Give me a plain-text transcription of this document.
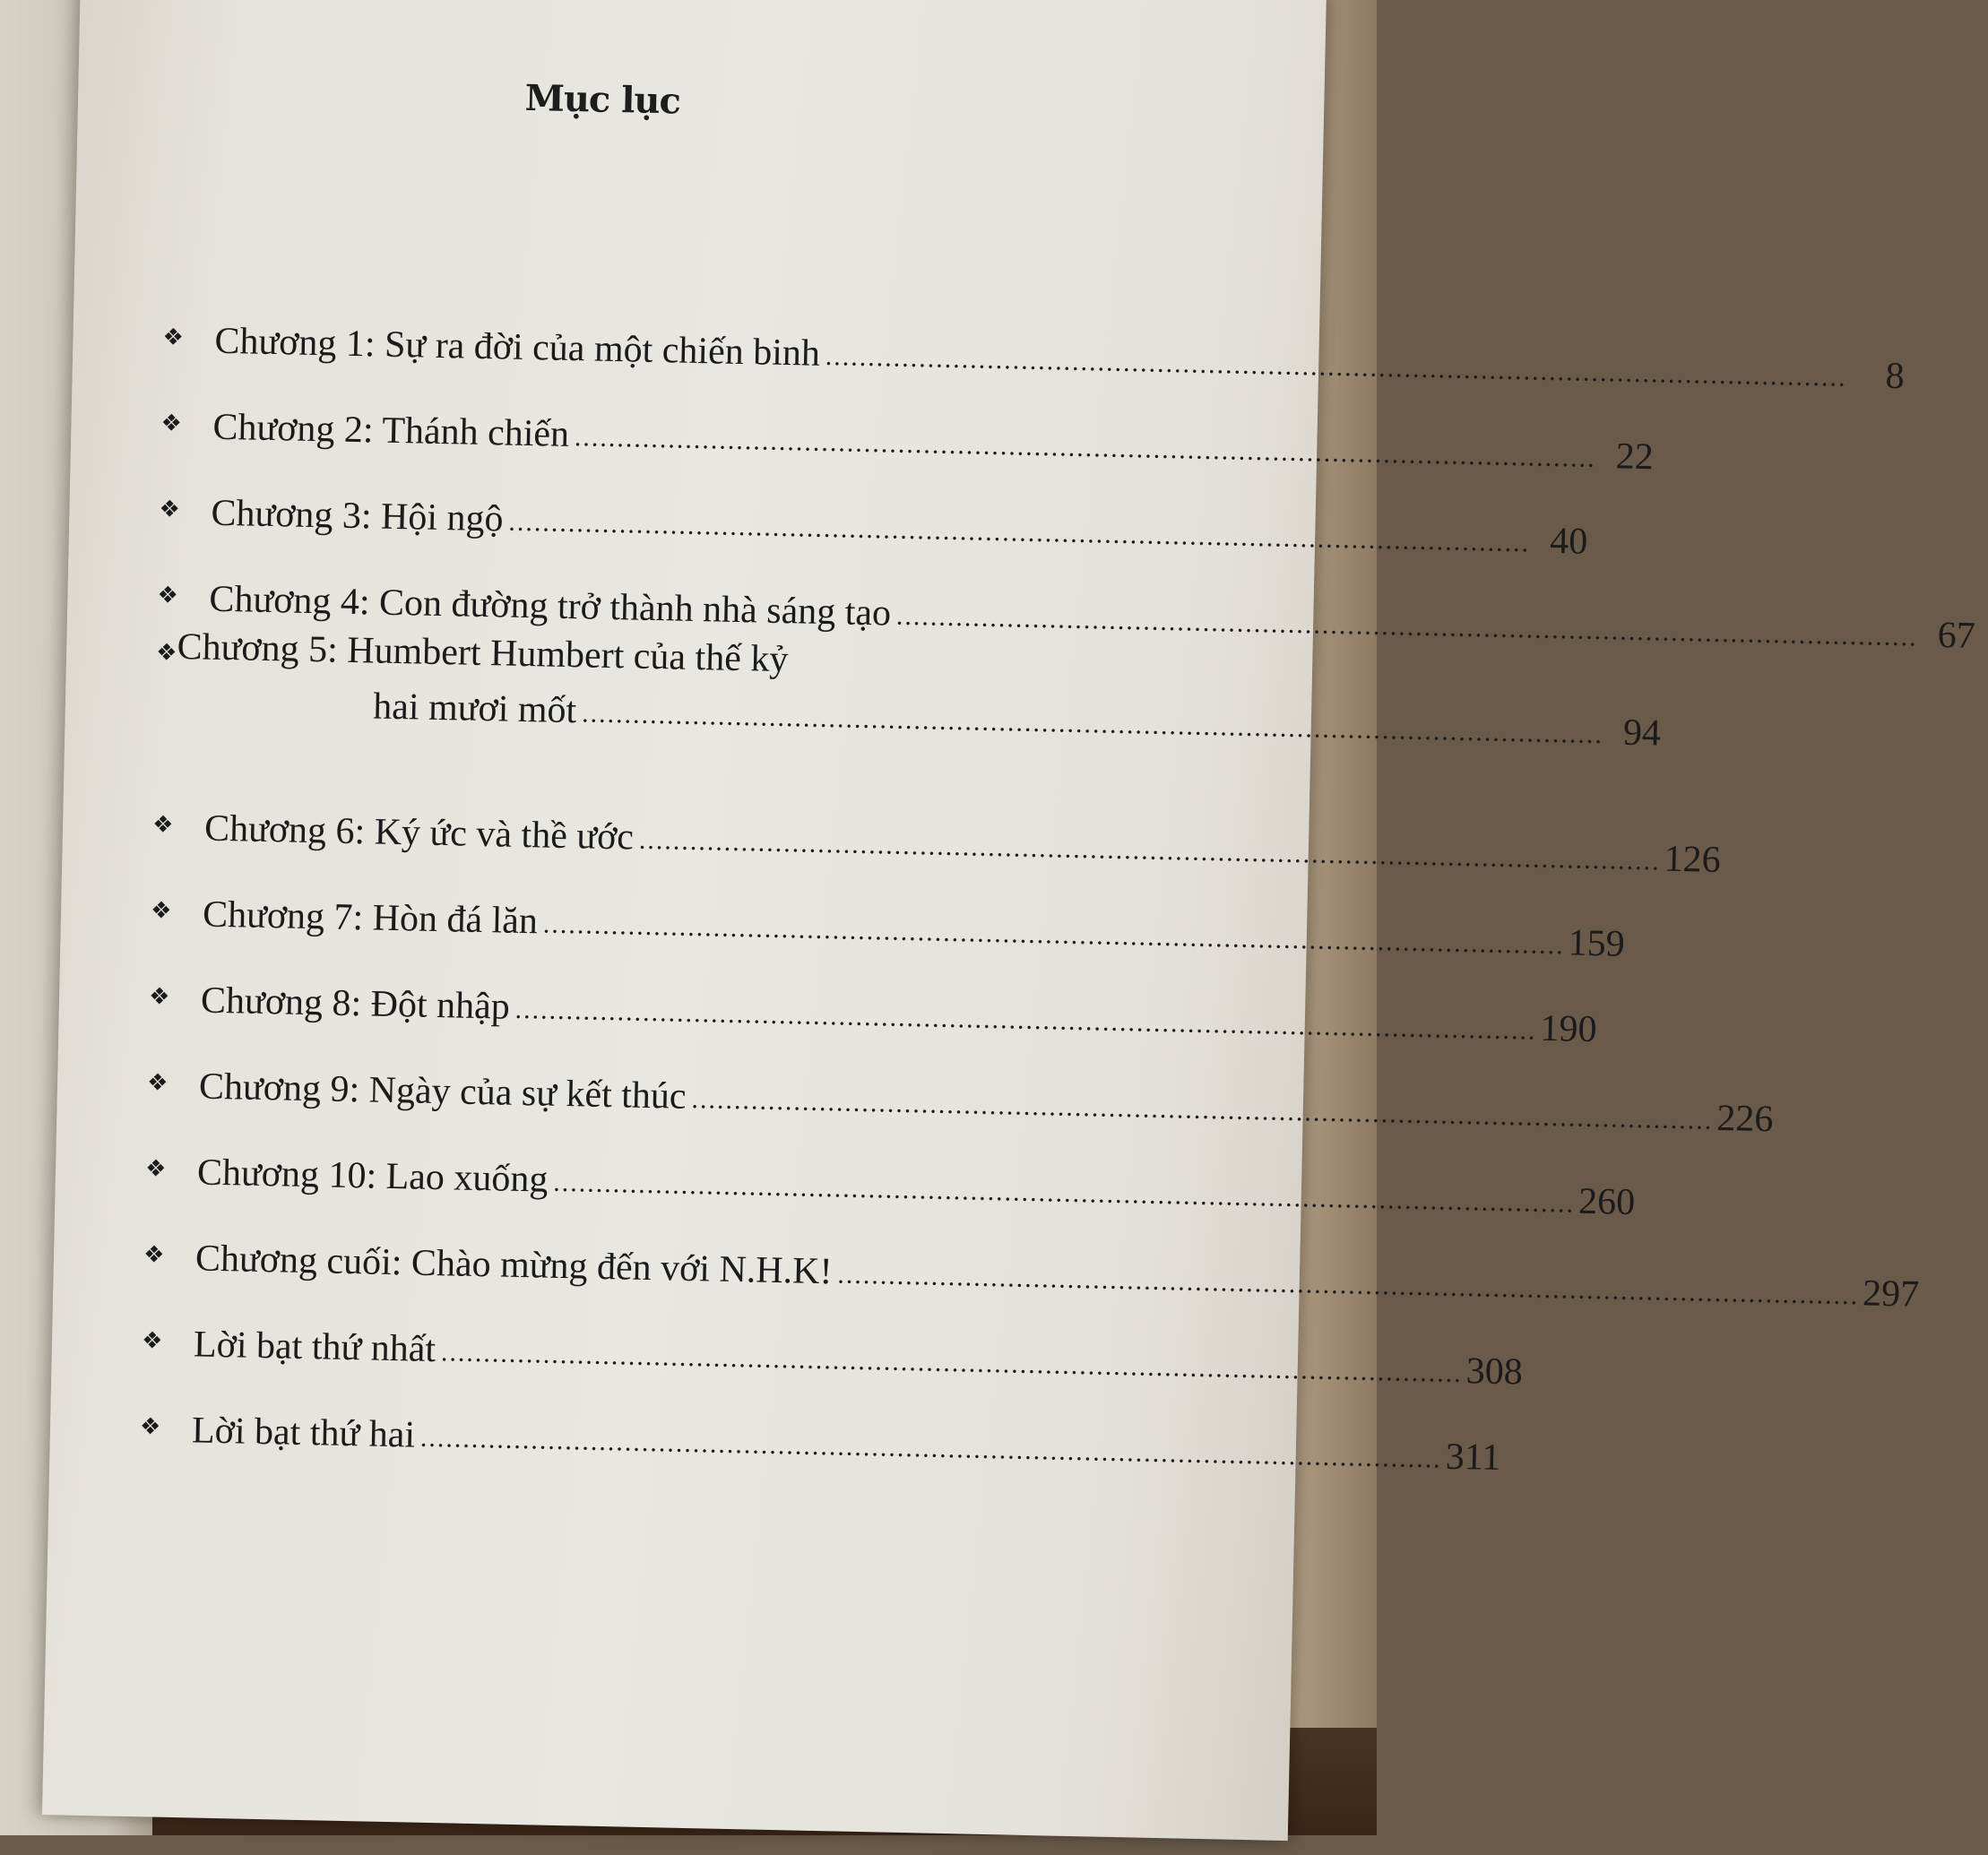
Mục lục
❖ Chương 1: Sự ra đời của một chiến binh ........................................................................................................................	8
❖ Chương 2: Thánh chiến ........................................................................................................................ 22
❖ Chương 3: Hội ngộ ........................................................................................................................ 40
❖ Chương 4: Con đường trở thành nhà sáng tạo ........................................................................................................................ 67
❖ Chương 5: Humbert Humbert của thế kỷ
hai mươi mốt ........................................................................................................................ 94
❖ Chương 6: Ký ức và thề ước ........................................................................................................................ 126
❖ Chương 7: Hòn đá lăn ........................................................................................................................ 159
❖ Chương 8: Đột nhập ........................................................................................................................ 190
❖ Chương 9: Ngày của sự kết thúc ........................................................................................................................ 226
❖ Chương 10: Lao xuống ........................................................................................................................ 260
❖ Chương cuối: Chào mừng đến với N.H.K! ........................................................................................................................ 297
❖ Lời bạt thứ nhất ........................................................................................................................ 308
❖ Lời bạt thứ hai ........................................................................................................................ 311
